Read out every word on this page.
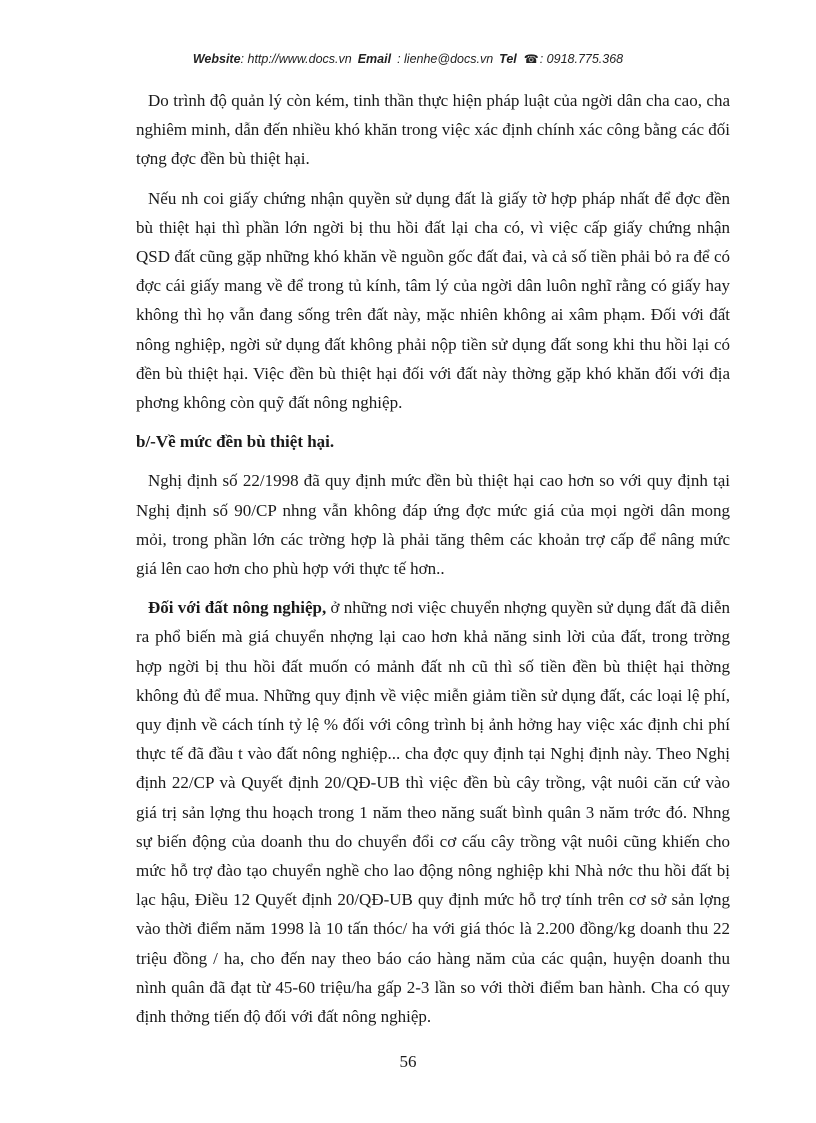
Website: http://www.docs.vn Email : lienhe@docs.vn Tel ☎: 0918.775.368

Do trình độ quản lý còn kém, tinh thần thực hiện pháp luật của ngời dân cha cao, cha nghiêm minh, dẫn đến nhiều khó khăn trong việc xác định chính xác công bằng các đối tợng đợc đền bù thiệt hại.

Nếu nh coi giấy chứng nhận quyền sử dụng đất là giấy tờ hợp pháp nhất để đợc đền bù thiệt hại thì phần lớn ngời bị thu hồi đất lại cha có, vì việc cấp giấy chứng nhận QSD đất cũng gặp những khó khăn về nguồn gốc đất đai, và cả số tiền phải bỏ ra để có đợc cái giấy mang về để trong tủ kính, tâm lý của ngời dân luôn nghĩ rằng có giấy hay không thì họ vẫn đang sống trên đất này, mặc nhiên không ai xâm phạm. Đối với đất nông nghiệp, ngời sử dụng đất không phải nộp tiền sử dụng đất song khi thu hồi lại có đền bù thiệt hại. Việc đền bù thiệt hại đối với đất này thờng gặp khó khăn đối với địa phơng không còn quỹ đất nông nghiệp.

b/-Về mức đền bù thiệt hại.

Nghị định số 22/1998 đã quy định mức đền bù thiệt hại cao hơn so với quy định tại Nghị định số 90/CP nhng vẫn không đáp ứng đợc mức giá của mọi ngời dân mong mỏi, trong phần lớn các trờng hợp là phải tăng thêm các khoản trợ cấp để nâng mức giá lên cao hơn cho phù hợp với thực tế hơn..

Đối với đất nông nghiệp, ở những nơi việc chuyển nhợng quyền sử dụng đất đã diễn ra phổ biến mà giá chuyển nhợng lại cao hơn khả năng sinh lời của đất, trong trờng hợp ngời bị thu hồi đất muốn có mảnh đất nh cũ thì số tiền đền bù thiệt hại thờng không đủ để mua. Những quy định về việc miễn giảm tiền sử dụng đất, các loại lệ phí, quy định về cách tính tỷ lệ % đối với công trình bị ảnh hởng hay việc xác định chi phí thực tế đã đầu t vào đất nông nghiệp... cha đợc quy định tại Nghị định này. Theo Nghị định 22/CP và Quyết định 20/QĐ-UB thì việc đền bù cây trồng, vật nuôi căn cứ vào giá trị sản lợng thu hoạch trong 1 năm theo năng suất bình quân 3 năm trớc đó. Nhng sự biến động của doanh thu do chuyển đổi cơ cấu cây trồng vật nuôi cũng khiến cho mức hỗ trợ đào tạo chuyển nghề cho lao động nông nghiệp khi Nhà nớc thu hồi đất bị lạc hậu, Điều 12 Quyết định 20/QĐ-UB quy định mức hỗ trợ tính trên cơ sở sản lợng vào thời điểm năm 1998 là 10 tấn thóc/ ha với giá thóc là 2.200 đồng/kg doanh thu 22 triệu đồng / ha, cho đến nay theo báo cáo hàng năm của các quận, huyện doanh thu nình quân đã đạt từ 45-60 triệu/ha gấp 2-3 lần so với thời điểm ban hành. Cha có quy định thởng tiến độ đối với đất nông nghiệp.

56
